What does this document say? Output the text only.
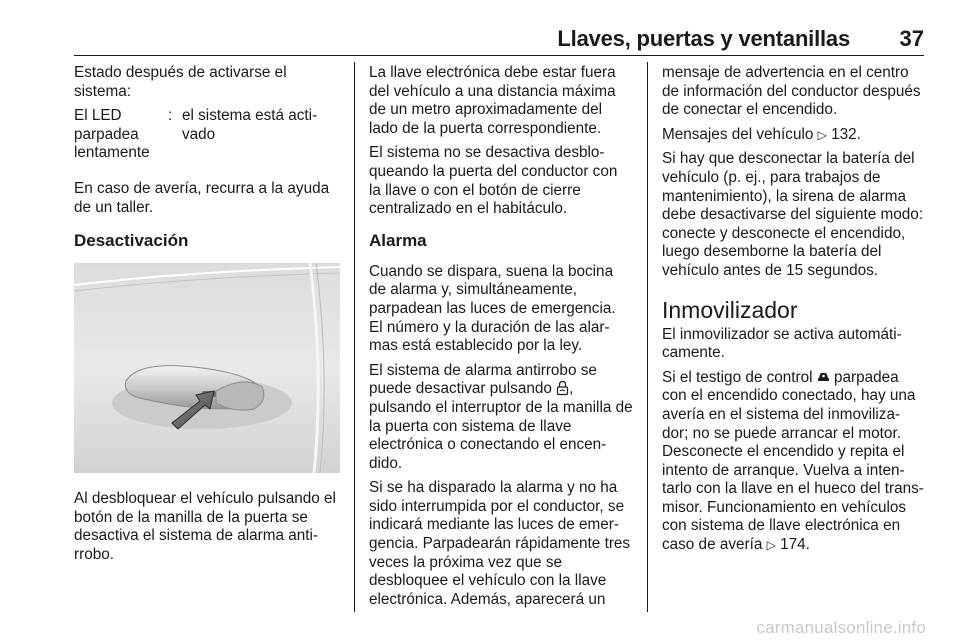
Llaves, puertas y ventanillas 37

Estado después de activarse el sistema:

El LED parpadea lentamente
: el sistema está acti- vado

En caso de avería, recurra a la ayuda de un taller.

Desactivación

Al desbloquear el vehículo pulsando el botón de la manilla de la puerta se desactiva el sistema de alarma anti- rrobo.

La llave electrónica debe estar fuera del vehículo a una distancia máxima de un metro aproximadamente del lado de la puerta correspondiente.

El sistema no se desactiva desblo- queando la puerta del conductor con la llave o con el botón de cierre centralizado en el habitáculo.

Alarma

Cuando se dispara, suena la bocina de alarma y, simultáneamente, parpadean las luces de emergencia. El número y la duración de las alar- mas está establecido por la ley.

El sistema de alarma antirrobo se puede desactivar pulsando , pulsando el interruptor de la manilla de la puerta con sistema de llave electrónica o conectando el encen- dido.

Si se ha disparado la alarma y no ha sido interrumpida por el conductor, se indicará mediante las luces de emer- gencia. Parpadearán rápidamente tres veces la próxima vez que se desbloquee el vehículo con la llave electrónica. Además, aparecerá un

mensaje de advertencia en el centro de información del conductor después de conectar el encendido.

Mensajes del vehículo ▷ 132.

Si hay que desconectar la batería del vehículo (p. ej., para trabajos de mantenimiento), la sirena de alarma debe desactivarse del siguiente modo: conecte y desconecte el encendido, luego desemborne la batería del vehículo antes de 15 segundos.

Inmovilizador

El inmovilizador se activa automáti- camente.

Si el testigo de control  parpadea con el encendido conectado, hay una avería en el sistema del inmoviliza- dor; no se puede arrancar el motor. Desconecte el encendido y repita el intento de arranque. Vuelva a inten- tarlo con la llave en el hueco del trans- misor. Funcionamiento en vehículos con sistema de llave electrónica en caso de avería ▷ 174.

carmanualsonline.info
